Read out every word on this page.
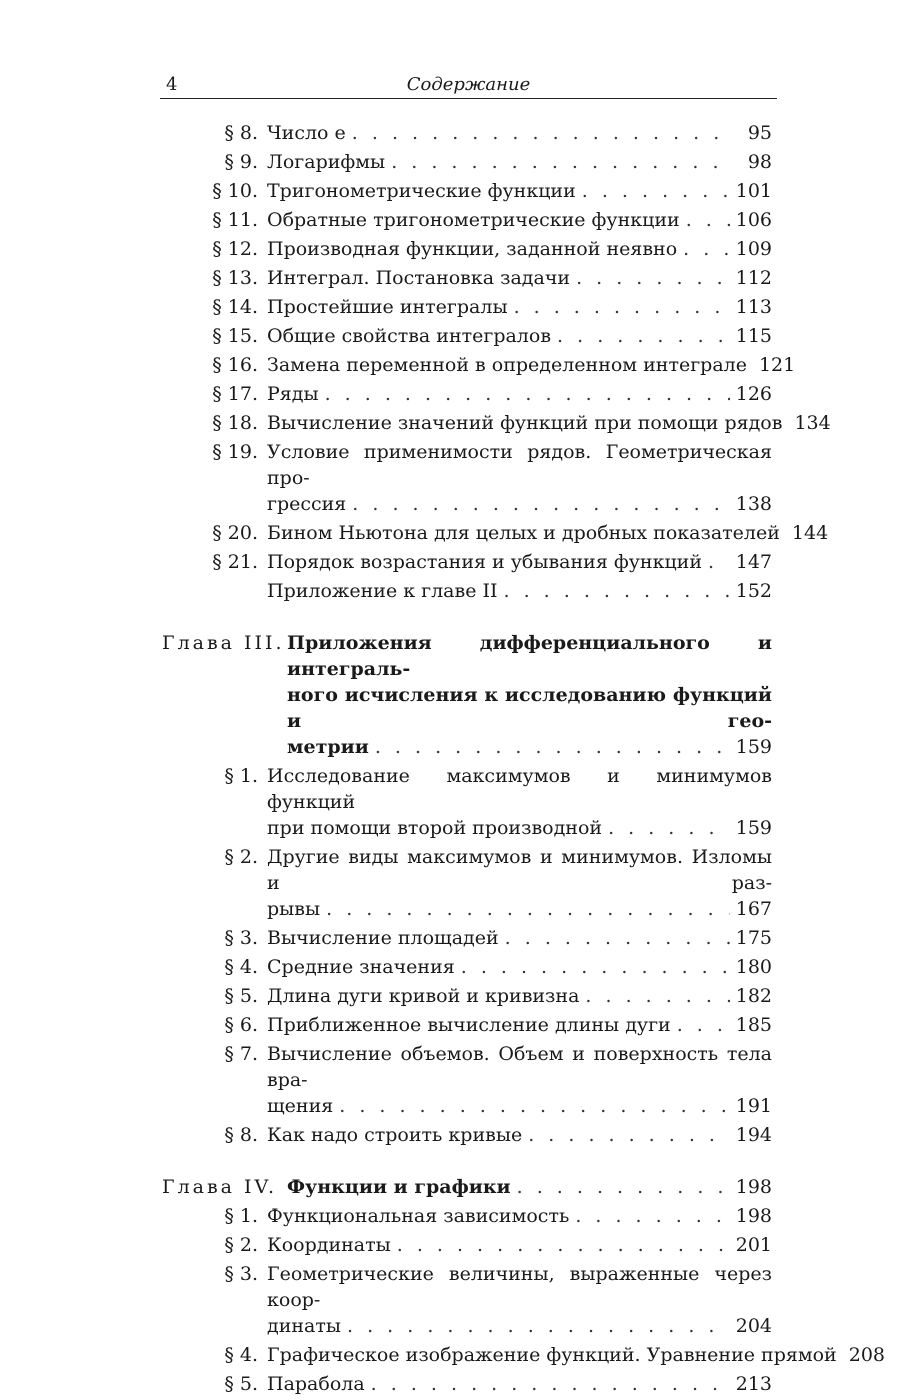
4	Содержание
§ 8. Число е . . .	95
§ 9. Логарифмы . . .	98
§ 10. Тригонометрические функции . . .	101
§ 11. Обратные тригонометрические функции . . .	106
§ 12. Производная функции, заданной неявно . . .	109
§ 13. Интеграл. Постановка задачи . . .	112
§ 14. Простейшие интегралы . . .	113
§ 15. Общие свойства интегралов . . .	115
§ 16. Замена переменной в определенном интеграле 121
§ 17. Ряды . . .	126
§ 18. Вычисление значений функций при помощи рядов 134
§ 19. Условие применимости рядов. Геометрическая про-
грессия . . .	138
§ 20. Бином Ньютона для целых и дробных показателей 144
§ 21. Порядок возрастания и убывания функций . . . 147
Приложение к главе II . . .	152
Глава III. Приложения дифференциального и интеграль-
ного исчисления к исследованию функций и гео-
метрии . . .	159
§ 1. Исследование максимумов и минимумов функций
при помощи второй производной . . .	159
§ 2. Другие виды максимумов и минимумов. Изломы и раз-
рывы . . .	167
§ 3. Вычисление площадей . . .	175
§ 4. Средние значения . . .	180
§ 5. Длина дуги кривой и кривизна . . .	182
§ 6. Приближенное вычисление длины дуги . . .	185
§ 7. Вычисление объемов. Объем и поверхность тела вра-
щения . . .	191
§ 8. Как надо строить кривые . . .	194
Глава IV. Функции и графики . . .	198
§ 1. Функциональная зависимость . . .	198
§ 2. Координаты . . .	201
§ 3. Геометрические величины, выраженные через коор-
динаты . . .	204
§ 4. Графическое изображение функций. Уравнение прямой 208
§ 5. Парабола . . .	213
